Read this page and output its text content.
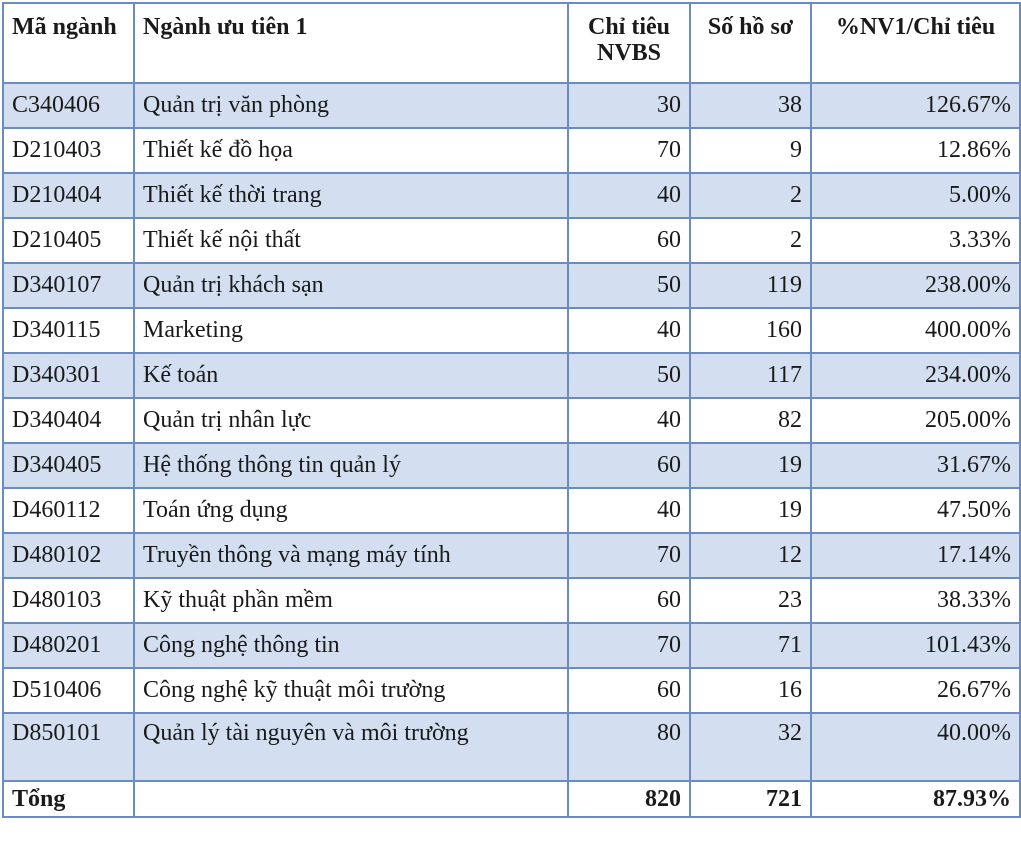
Mã ngành	Ngành ưu tiên 1	Chỉ tiêu NVBS	Số hồ sơ	%NV1/Chỉ tiêu
C340406	Quản trị văn phòng	30	38	126.67%
D210403	Thiết kế đồ họa	70	9	12.86%
D210404	Thiết kế thời trang	40	2	5.00%
D210405	Thiết kế nội thất	60	2	3.33%
D340107	Quản trị khách sạn	50	119	238.00%
D340115	Marketing	40	160	400.00%
D340301	Kế toán	50	117	234.00%
D340404	Quản trị nhân lực	40	82	205.00%
D340405	Hệ thống thông tin quản lý	60	19	31.67%
D460112	Toán ứng dụng	40	19	47.50%
D480102	Truyền thông và mạng máy tính	70	12	17.14%
D480103	Kỹ thuật phần mềm	60	23	38.33%
D480201	Công nghệ thông tin	70	71	101.43%
D510406	Công nghệ kỹ thuật môi trường	60	16	26.67%
D850101	Quản lý tài nguyên và môi trường	80	32	40.00%
Tổng		820	721	87.93%
